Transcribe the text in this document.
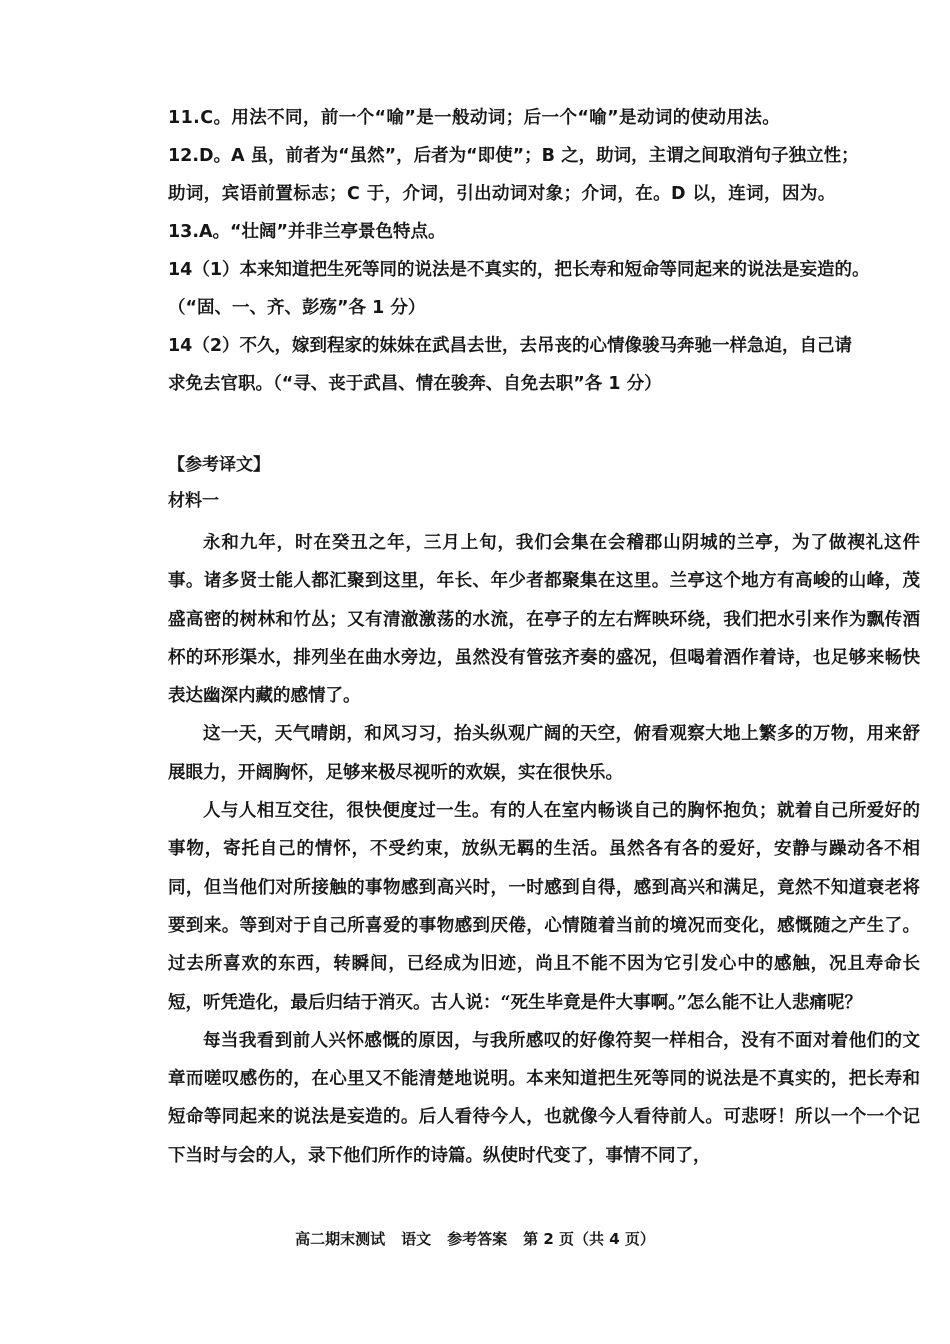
11.C。用法不同，前一个“喻”是一般动词；后一个“喻”是动词的使动用法。
12.D。A 虽，前者为“虽然”，后者为“即使”；B 之，助词，主谓之间取消句子独立性；
助词，宾语前置标志；C 于，介词，引出动词对象；介词，在。D 以，连词，因为。
13.A。“壮阔”并非兰亭景色特点。
14（1）本来知道把生死等同的说法是不真实的，把长寿和短命等同起来的说法是妄造的。
（“固、一、齐、彭殇”各 1 分）
14（2）不久，嫁到程家的妹妹在武昌去世，去吊丧的心情像骏马奔驰一样急迫，自己请
求免去官职。（“寻、丧于武昌、情在骏奔、自免去职”各 1 分）
【参考译文】
材料一

永和九年，时在癸丑之年，三月上旬，我们会集在会稽郡山阴城的兰亭，为了做禊礼这件事。诸多贤士能人都汇聚到这里，年长、年少者都聚集在这里。兰亭这个地方有高峻的山峰，茂盛高密的树林和竹丛；又有清澈激荡的水流，在亭子的左右辉映环绕，我们把水引来作为飘传酒杯的环形渠水，排列坐在曲水旁边，虽然没有管弦齐奏的盛况，但喝着酒作着诗，也足够来畅快表达幽深内藏的感情了。

这一天，天气晴朗，和风习习，抬头纵观广阔的天空，俯看观察大地上繁多的万物，用来舒展眼力，开阔胸怀，足够来极尽视听的欢娱，实在很快乐。

人与人相互交往，很快便度过一生。有的人在室内畅谈自己的胸怀抱负；就着自己所爱好的事物，寄托自己的情怀，不受约束，放纵无羁的生活。虽然各有各的爱好，安静与躁动各不相同，但当他们对所接触的事物感到高兴时，一时感到自得，感到高兴和满足，竟然不知道衰老将要到来。等到对于自己所喜爱的事物感到厌倦，心情随着当前的境况而变化，感慨随之产生了。过去所喜欢的东西，转瞬间，已经成为旧迹，尚且不能不因为它引发心中的感触，况且寿命长短，听凭造化，最后归结于消灭。古人说：“死生毕竟是件大事啊。”怎么能不让人悲痛呢？

每当我看到前人兴怀感慨的原因，与我所感叹的好像符契一样相合，没有不面对着他们的文章而嗟叹感伤的，在心里又不能清楚地说明。本来知道把生死等同的说法是不真实的，把长寿和短命等同起来的说法是妄造的。后人看待今人，也就像今人看待前人。可悲呀！所以一个一个记下当时与会的人，录下他们所作的诗篇。纵使时代变了，事情不同了，

高二期末测试 语文 参考答案 第 2 页（共 4 页）
